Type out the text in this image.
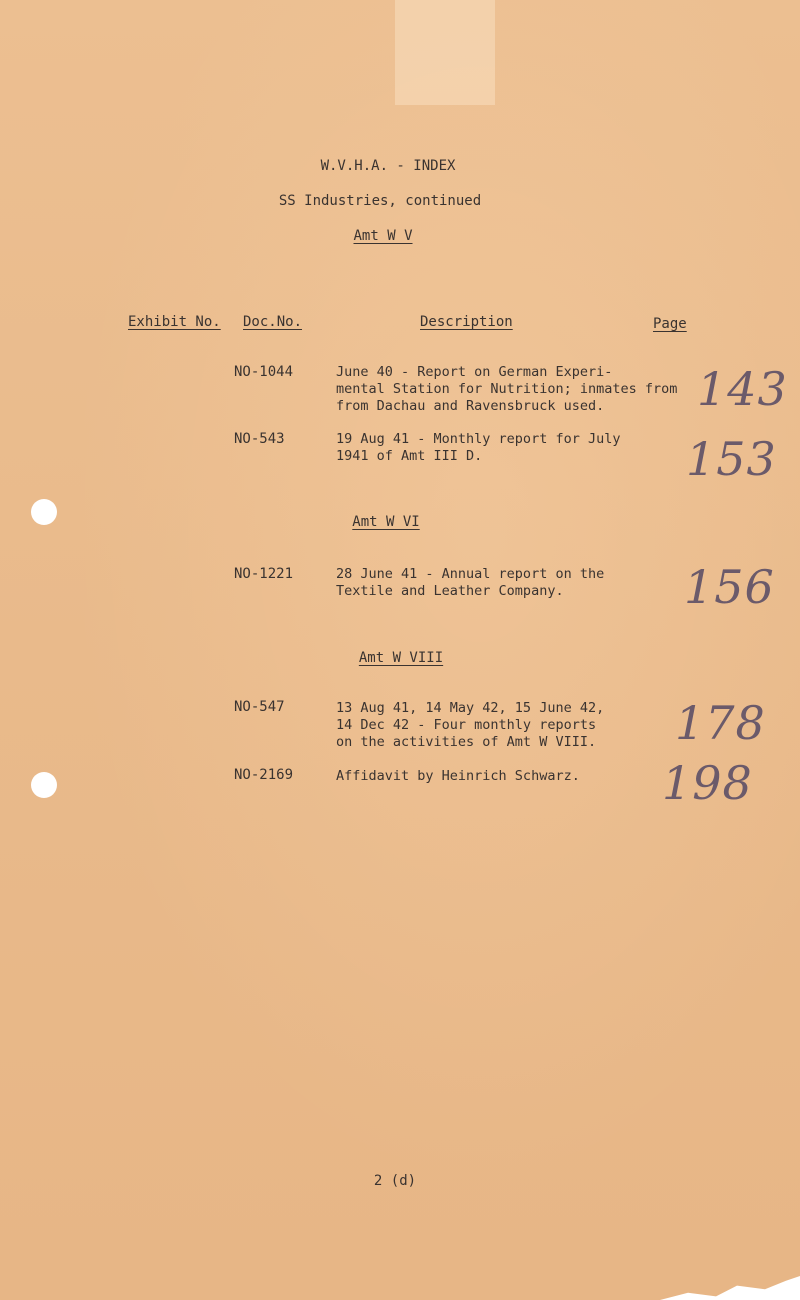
W.V.H.A. - INDEX
SS Industries, continued
Amt W V
Exhibit No. Doc.No.	Description	Page
NO-1044	June 40 - Report on German Experi-
mental Station for Nutrition; inmates from
from Dachau and Ravensbruck used. 143
NO-543	19 Aug 41 - Monthly report for July
1941 of Amt III D.	153
Amt W VI
NO-1221	28 June 41 - Annual report on the
Textile and Leather Company.	156
Amt W VIII
NO-547	13 Aug 41, 14 May 42, 15 June 42,
14 Dec 42 - Four monthly reports
on the activities of Amt W VIII. 178
NO-2169	Affidavit by Heinrich Schwarz. 198
2 (d)
